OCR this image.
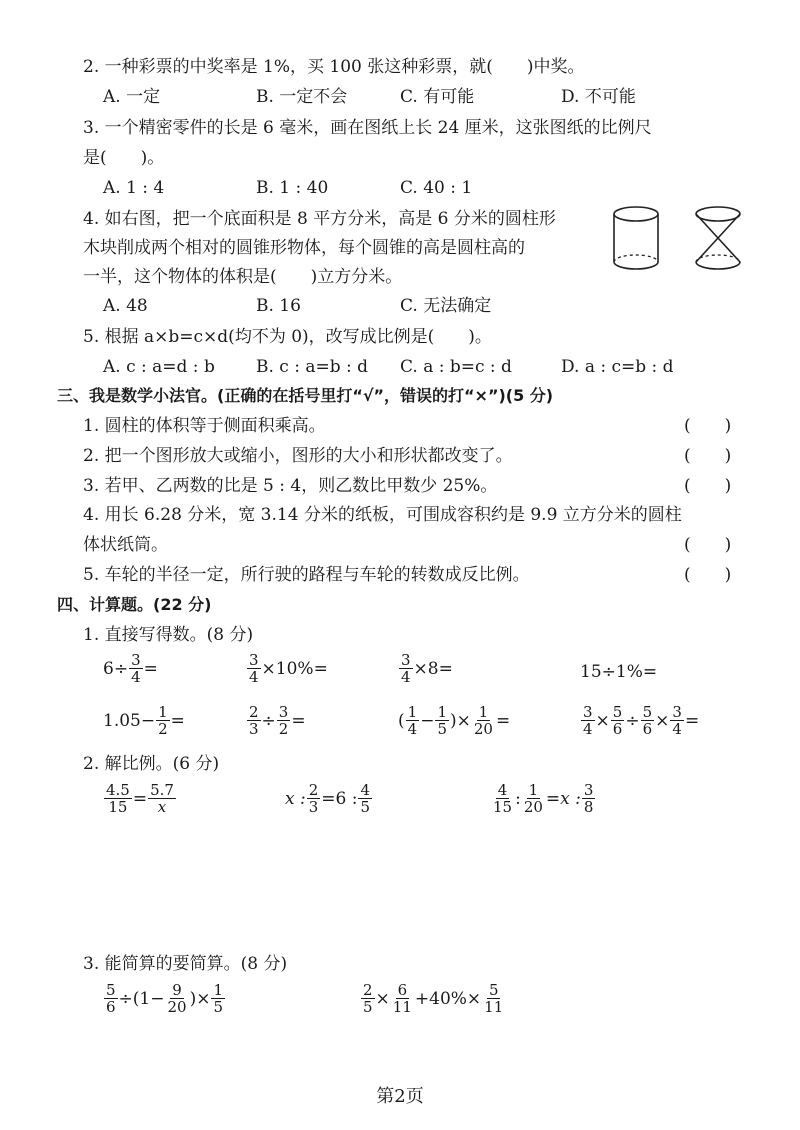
2. 一种彩票的中奖率是 1%，买 100 张这种彩票，就(　　)中奖。
A. 一定	B. 一定不会	C. 有可能	D. 不可能
3. 一个精密零件的长是 6 毫米，画在图纸上长 24 厘米，这张图纸的比例尺
是(　　)。
A. 1 : 4	B. 1 : 40	C. 40 : 1
4. 如右图，把一个底面积是 8 平方分米，高是 6 分米的圆柱形
木块削成两个相对的圆锥形物体，每个圆锥的高是圆柱高的
一半，这个物体的体积是(　　)立方分米。
A. 48	B. 16	C. 无法确定
5. 根据 a×b=c×d(均不为 0)，改写成比例是(　　)。
A. c : a=d : b B. c : a=b : d C. a : b=c : d	D. a : c=b : d
三、我是数学小法官。(正确的在括号里打“√”，错误的打“×”)(5 分)
1. 圆柱的体积等于侧面积乘高。	(　　)
2. 把一个图形放大或缩小，图形的大小和形状都改变了。	(　　)
3. 若甲、乙两数的比是 5 : 4，则乙数比甲数少 25%。	(　　)
4. 用长 6.28 分米，宽 3.14 分米的纸板，可围成容积约是 9.9 立方分米的圆柱
体状纸筒。	(　　)
5. 车轮的半径一定，所行驶的路程与车轮的转数成反比例。	(　　)
四、计算题。(22 分)
1. 直接写得数。(8 分)
$6\div \frac{3}{4}$ =	$\frac{3}{4} \times 10\%=$	$\frac{3}{4} \times 8=$	15÷1%=
$1.05- \frac{1}{2}$ =	$\frac{2}{3} \div \frac{3}{2}$ =	( $\frac{1}{4} - \frac{1}{5}$ )× $\frac{1}{20}$ =	$\frac{3}{4} \times \frac{5}{6} \div \frac{5}{6} \times \frac{3}{4}$ =
2. 解比例。(6 分)
$\frac{4.5}{15} = \frac{5.7}{x}$	x : $\frac{2}{3} =6$ : $\frac{4}{5}$	$\frac{4}{15}$ : $\frac{1}{20} =x$ : $\frac{3}{8}$
3. 能简算的要简算。(8 分)
$\frac{5}{6} \div(1- \frac{9}{20}$ )× $\frac{1}{5}$	$\frac{2}{5} \times \frac{6}{11} +40\%\times \frac{5}{11}$
第2页
